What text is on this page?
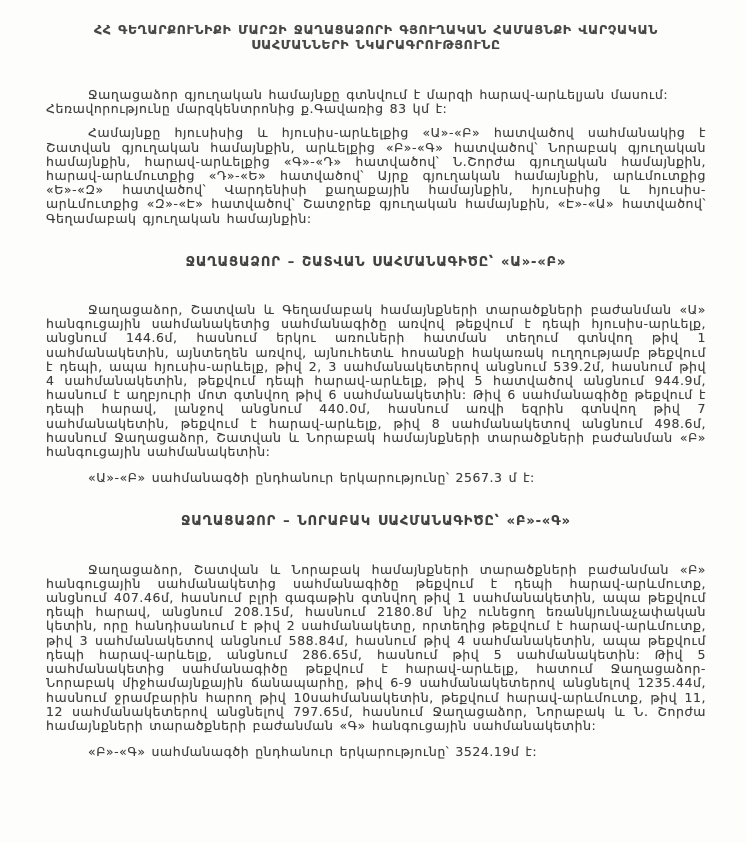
ՀՀ ԳԵՂԱՐՔՈՒՆԻՔԻ ՄԱՐԶԻ ՋԱՂԱՑԱՁՈՐԻ ԳՅՈՒՂԱԿԱՆ ՀԱՄԱՅՆՔԻ ՎԱՐՉԱԿԱՆ
ՍԱՀՄԱՆՆԵՐԻ ՆԿԱՐԱԳՐՈՒԹՅՈՒՆԸ

Ջաղացաձոր գյուղական համայնքը գտնվում է մարզի հարավ-արևելյան մասում:
Հեռավորությունը մարզկենտրոնից ք.Գավառից 83 կմ է:

Համայնքը հյուսիսից և հյուսիս-արևելքից «Ա»-«Բ» հատվածով սահմանակից է Շատվան գյուղական համայնքին, արևելքից «Բ»-«Գ» հատվածով՝ Նորաբակ գյուղական համայնքին, հարավ-արևելքից «Գ»-«Դ» հատվածով՝ Ն.Շորժա գյուղական համայնքին, հարավ-արևմուտքից «Դ»-«Ե» հատվածով՝ Այրք գյուղական համայնքին, արևմուտքից «Ե»-«Զ» հատվածով՝ Վարդենիսի քաղաքային համայնքին, հյուսիսից և հյուսիս-արևմուտքից «Զ»-«Է» հատվածով՝ Շատջրեք գյուղական համայնքին, «Է»-«Ա» հատվածով՝ Գեղամաբակ գյուղական համայնքին:

ՋԱՂԱՑԱՁՈՐ – ՇԱՏՎԱՆ ՍԱՀՄԱՆԱԳԻԾԸ՝ «Ա»-«Բ»

Ջաղացաձոր, Շատվան և Գեղամաբակ համայնքների տարածքների բաժանման «Ա» հանգուցային սահմանակետից սահմանագիծը առվով թեքվում է դեպի հյուսիս-արևելք, անցնում 144.6մ, հասնում երկու առուների հատման տեղում գտնվող թիվ 1 սահմանակետին, այնտեղեն առվով, այնուհետև հոսանքի հակառակ ուղղությամբ թեքվում է դեպի, ապա հյուսիս-արևելք, թիվ 2, 3 սահմանակետերով անցնում 539.2մ, հասնում թիվ 4 սահմանակետին, թեքվում դեպի հարավ-արևելք, թիվ 5 հատվածով անցնում 944.9մ, հասնում է աղբյուրի մոտ գտնվող թիվ 6 սահմանակետին: Թիվ 6 սահմանագիծը թեքվում է դեպի հարավ, լանջով անցնում 440.0մ, հասնում առվի եզրին գտնվող թիվ 7 սահմանակետին, թեքվում է հարավ-արևելք, թիվ 8 սահմանակետով անցնում 498.6մ, հասնում Ջաղացաձոր, Շատվան և Նորաբակ համայնքների տարածքների բաժանման «Բ» հանգուցային սահմանակետին:

«Ա»-«Բ» սահմանագծի ընդհանուր երկարությունը՝ 2567.3 մ է:

ՋԱՂԱՑԱՁՈՐ – ՆՈՐԱԲԱԿ ՍԱՀՄԱՆԱԳԻԾԸ՝ «Բ»-«Գ»

Ջաղացաձոր, Շատվան և Նորաբակ համայնքների տարածքների բաժանման «Բ» հանգուցային սահմանակետից սահմանագիծը թեքվում է դեպի հարավ-արևմուտք, անցնում 407.46մ, հասնում բլրի գագաթին գտնվող թիվ 1 սահմանակետին, ապա թեքվում դեպի հարավ, անցնում 208.15մ, հասնում 2180.8մ նիշ ունեցող եռանկյունաչափական կետին, որը հանդիսանում է թիվ 2 սահմանակետը, որտեղից թեքվում է հարավ-արևմուտք, թիվ 3 սահմանակետով անցնում 588.84մ, հասնում թիվ 4 սահմանակետին, ապա թեքվում դեպի հարավ-արևելք, անցնում 286.65մ, հասնում թիվ 5 սահմանակետին: Թիվ 5 սահմանակետից սահմանագիծը թեքվում է հարավ-արևելք, հատում Ջաղացաձոր-Նորաբակ միջհամայնքային ճանապարհը, թիվ 6-9 սահմանակետերով անցնելով 1235.44մ, հասնում ջրամբարին հարող թիվ 10սահմանակետին, թեքվում հարավ-արևմուտք, թիվ 11, 12 սահմանակետերով անցնելով 797.65մ, հասնում Ջաղացաձոր, Նորաբակ և Ն. Շորժա համայնքների տարածքների բաժանման «Գ» հանգուցային սահմանակետին:

«Բ»-«Գ» սահմանագծի ընդհանուր երկարությունը՝ 3524.19մ է:
